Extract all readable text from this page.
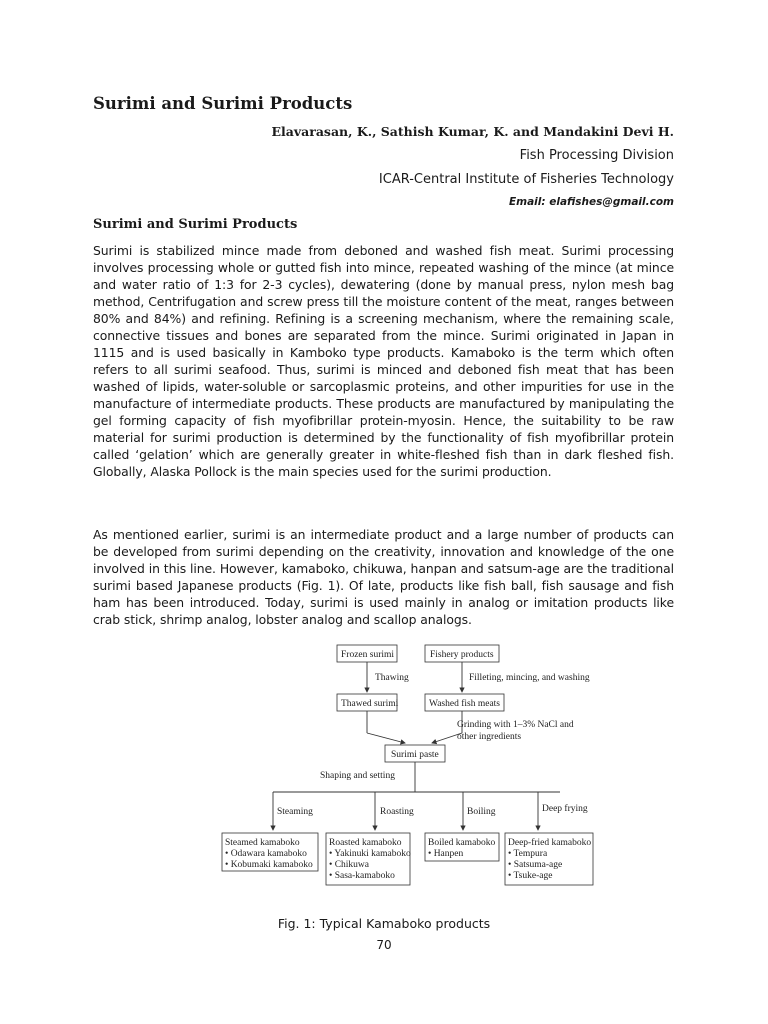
Surimi and Surimi Products

Elavarasan, K., Sathish Kumar, K. and Mandakini Devi H.

Fish Processing Division

ICAR-Central Institute of Fisheries Technology

Email: elafishes@gmail.com

Surimi and Surimi Products

Surimi is stabilized mince made from deboned and washed fish meat. Surimi processing involves processing whole or gutted fish into mince, repeated washing of the mince (at mince and water ratio of 1:3 for 2-3 cycles), dewatering (done by manual press, nylon mesh bag method, Centrifugation and screw press till the moisture content of the meat, ranges between 80% and 84%) and refining. Refining is a screening mechanism, where the remaining scale, connective tissues and bones are separated from the mince. Surimi originated in Japan in 1115 and is used basically in Kamboko type products. Kamaboko is the term which often refers to all surimi seafood. Thus, surimi is minced and deboned fish meat that has been washed of lipids, water-soluble or sarcoplasmic proteins, and other impurities for use in the manufacture of intermediate products. These products are manufactured by manipulating the gel forming capacity of fish myofibrillar protein-myosin. Hence, the suitability to be raw material for surimi production is determined by the functionality of fish myofibrillar protein called ‘gelation’ which are generally greater in white-fleshed fish than in dark fleshed fish. Globally, Alaska Pollock is the main species used for the surimi production.

As mentioned earlier, surimi is an intermediate product and a large number of products can be developed from surimi depending on the creativity, innovation and knowledge of the one involved in this line. However, kamaboko, chikuwa, hanpan and satsum-age are the traditional surimi based Japanese products (Fig. 1). Of late, products like fish ball, fish sausage and fish ham has been introduced. Today, surimi is used mainly in analog or imitation products like crab stick, shrimp analog, lobster analog and scallop analogs.

Frozen surimi	Fishery products
Thawing	Filleting, mincing, and washing
Thawed surimi	Washed fish meats
Grinding with 1–3% NaCl and
other ingredients
Surimi paste
Shaping and setting
Steaming	Roasting	Boiling	Deep frying
Steamed kamaboko
• Odawara kamaboko
• Kobumaki kamaboko
Roasted kamaboko
• Yakinuki kamaboko
• Chikuwa
• Sasa-kamaboko
Boiled kamaboko
• Hanpen
Deep-fried kamaboko
• Tempura
• Satsuma-age
• Tsuke-age

Fig. 1: Typical Kamaboko products

70
